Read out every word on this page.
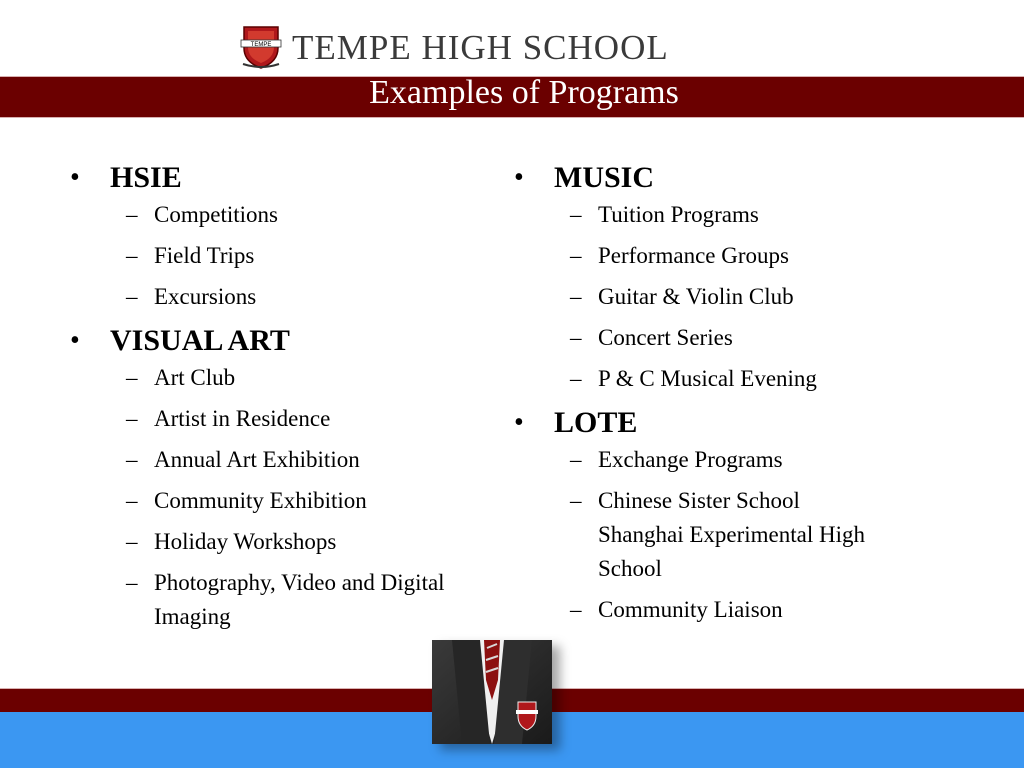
TEMPE TEMPE HIGH SCHOOL
Examples of Programs
• HSIE
– Competitions
– Field Trips
– Excursions
• VISUAL ART
– Art Club
– Artist in Residence
– Annual Art Exhibition
– Community Exhibition
– Holiday Workshops
– Photography, Video and Digital Imaging
• MUSIC
– Tuition Programs
– Performance Groups
– Guitar & Violin Club
– Concert Series
– P & C Musical Evening
• LOTE
– Exchange Programs
– Chinese Sister School Shanghai Experimental High School
– Community Liaison
